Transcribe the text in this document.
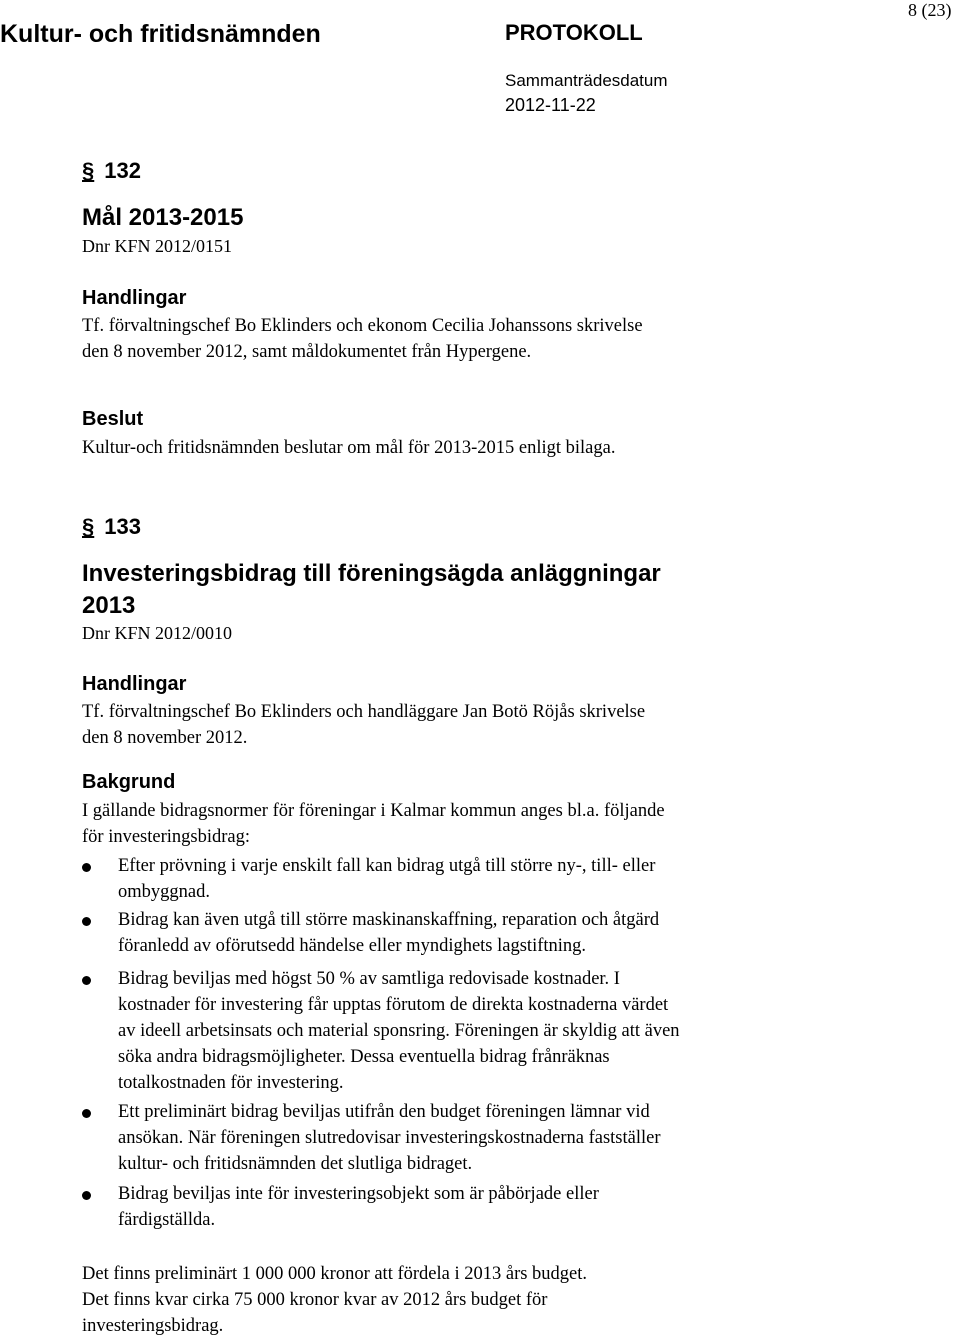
Kultur- och fritidsnämnden	PROTOKOLL
8 (23)
Sammanträdesdatum
2012-11-22
§ 132
Mål 2013-2015
Dnr KFN 2012/0151
Handlingar
Tf. förvaltningschef Bo Eklinders och ekonom Cecilia Johanssons skrivelse
den 8 november 2012, samt måldokumentet från Hypergene.
Beslut
Kultur-och fritidsnämnden beslutar om mål för 2013-2015 enligt bilaga.
§ 133
Investeringsbidrag till föreningsägda anläggningar
2013
Dnr KFN 2012/0010
Handlingar
Tf. förvaltningschef Bo Eklinders och handläggare Jan Botö Röjås skrivelse
den 8 november 2012.
Bakgrund
I gällande bidragsnormer för föreningar i Kalmar kommun anges bl.a. följande
för investeringsbidrag:
Efter prövning i varje enskilt fall kan bidrag utgå till större ny-, till- eller
ombyggnad.
Bidrag kan även utgå till större maskinanskaffning, reparation och åtgärd
föranledd av oförutsedd händelse eller myndighets lagstiftning.
Bidrag beviljas med högst 50 % av samtliga redovisade kostnader. I
kostnader för investering får upptas förutom de direkta kostnaderna värdet
av ideell arbetsinsats och material sponsring. Föreningen är skyldig att även
söka andra bidragsmöjligheter. Dessa eventuella bidrag frånräknas
totalkostnaden för investering.
Ett preliminärt bidrag beviljas utifrån den budget föreningen lämnar vid
ansökan. När föreningen slutredovisar investeringskostnaderna fastställer
kultur- och fritidsnämnden det slutliga bidraget.
Bidrag beviljas inte för investeringsobjekt som är påbörjade eller
färdigställda.
Det finns preliminärt 1 000 000 kronor att fördela i 2013 års budget.
Det finns kvar cirka 75 000 kronor kvar av 2012 års budget för
investeringsbidrag.
